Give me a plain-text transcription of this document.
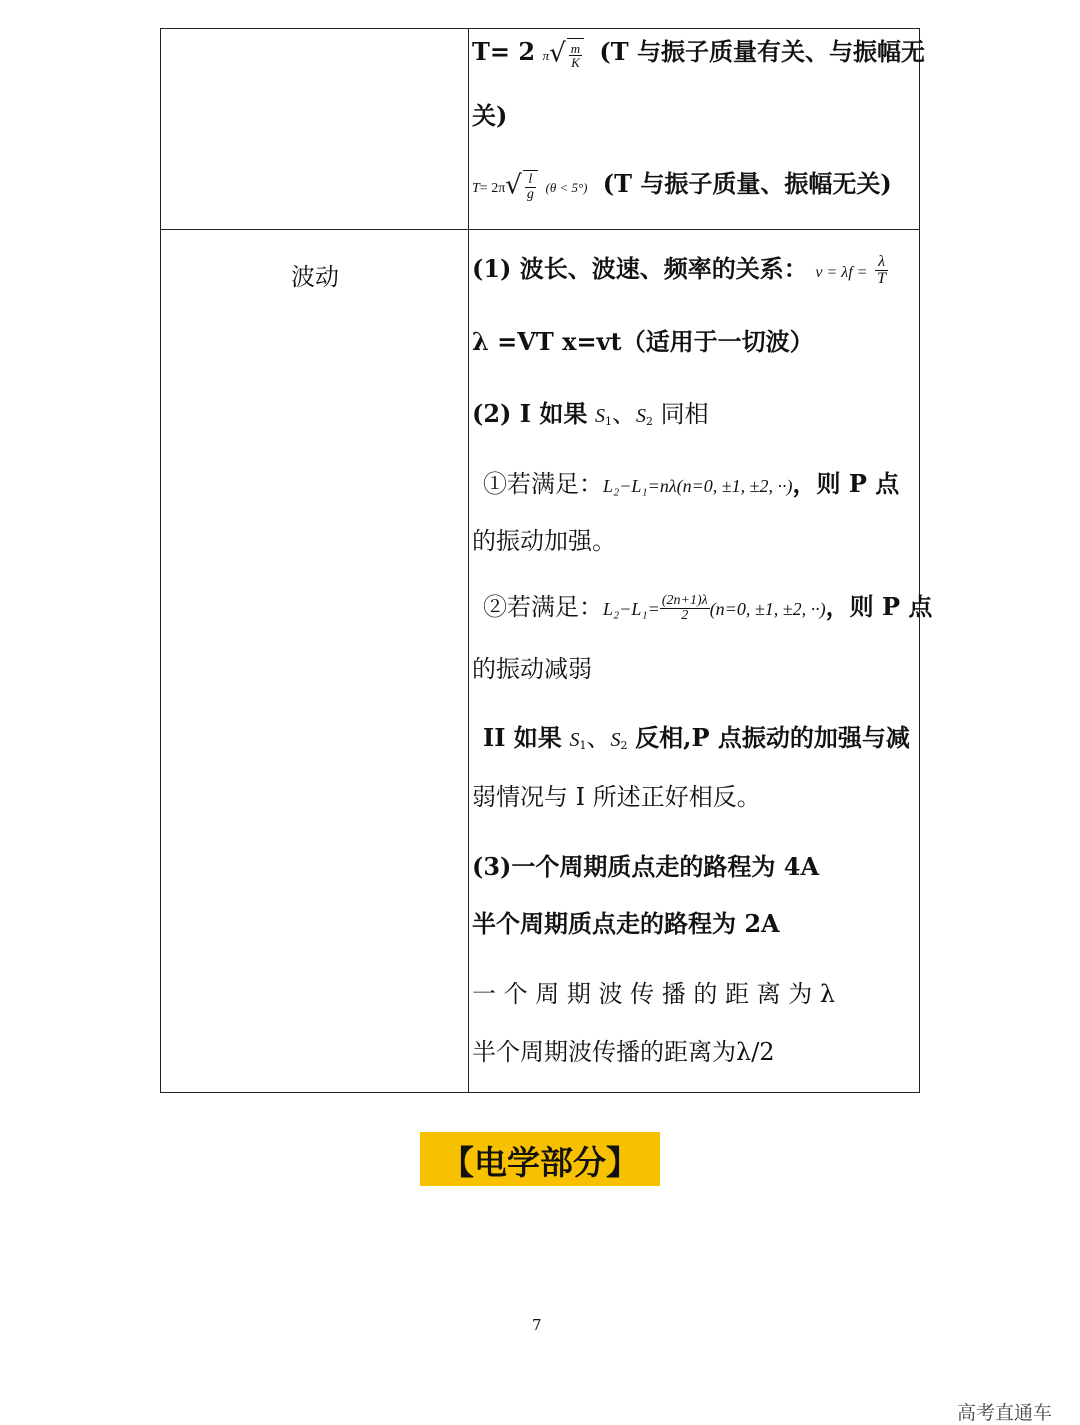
T= 2 $\pi√ \frac{m}{K} (T$ 与振子质量有关、与振幅无
关)
$T= 2\pi√ \frac{l}{g} (\theta < 5^\circ)$ (T 与振子质量、振幅无关)
波动	(1) 波长、波速、频率的关系： $v = \lambda f = \frac{\lambda}{T}$
λ =VT x=vt（适用于一切波）
(2) I 如果 $S_1$、$S_2$ 同相
①若满足：L₂−L₁=nλ(n=0, ±1, ±2, ··)，则 P 点
的振动加强。
②若满足：$L_2-L_1= \frac{(2n+1)\lambda}{2} (n=0$, ±1, ±2, ··)，则 P 点
的振动减弱
II 如果 $S_1$、$S_2$ 反相,P 点振动的加强与减
弱情况与 I 所述正好相反。
(3)一个周期质点走的路程为 4A
半个周期质点走的路程为 2A
一 个 周 期 波 传 播 的 距 离 为 λ
半个周期波传播的距离为λ/2
【电学部分】
7
高考直通车
